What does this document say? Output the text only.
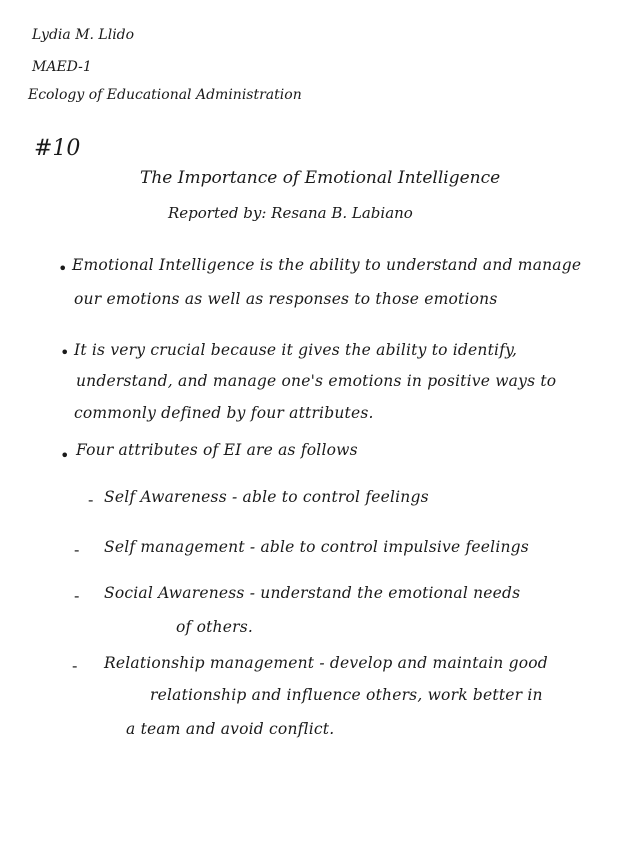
Lydia M. Llido
MAED-1
Ecology of Educational Administration
#10
The Importance of Emotional Intelligence
Reported by: Resana B. Labiano
• Emotional Intelligence is the ability to understand and manage
our emotions as well as responses to those emotions
• It is very crucial because it gives the ability to identify,
understand, and manage one's emotions in positive ways to
commonly defined by four attributes.
• Four attributes of EI are as follows
- Self Awareness - able to control feelings
- Self management - able to control impulsive feelings
- Social Awareness - understand the emotional needs
of others.
- Relationship management - develop and maintain good
relationship and influence others, work better in
a team and avoid conflict.
